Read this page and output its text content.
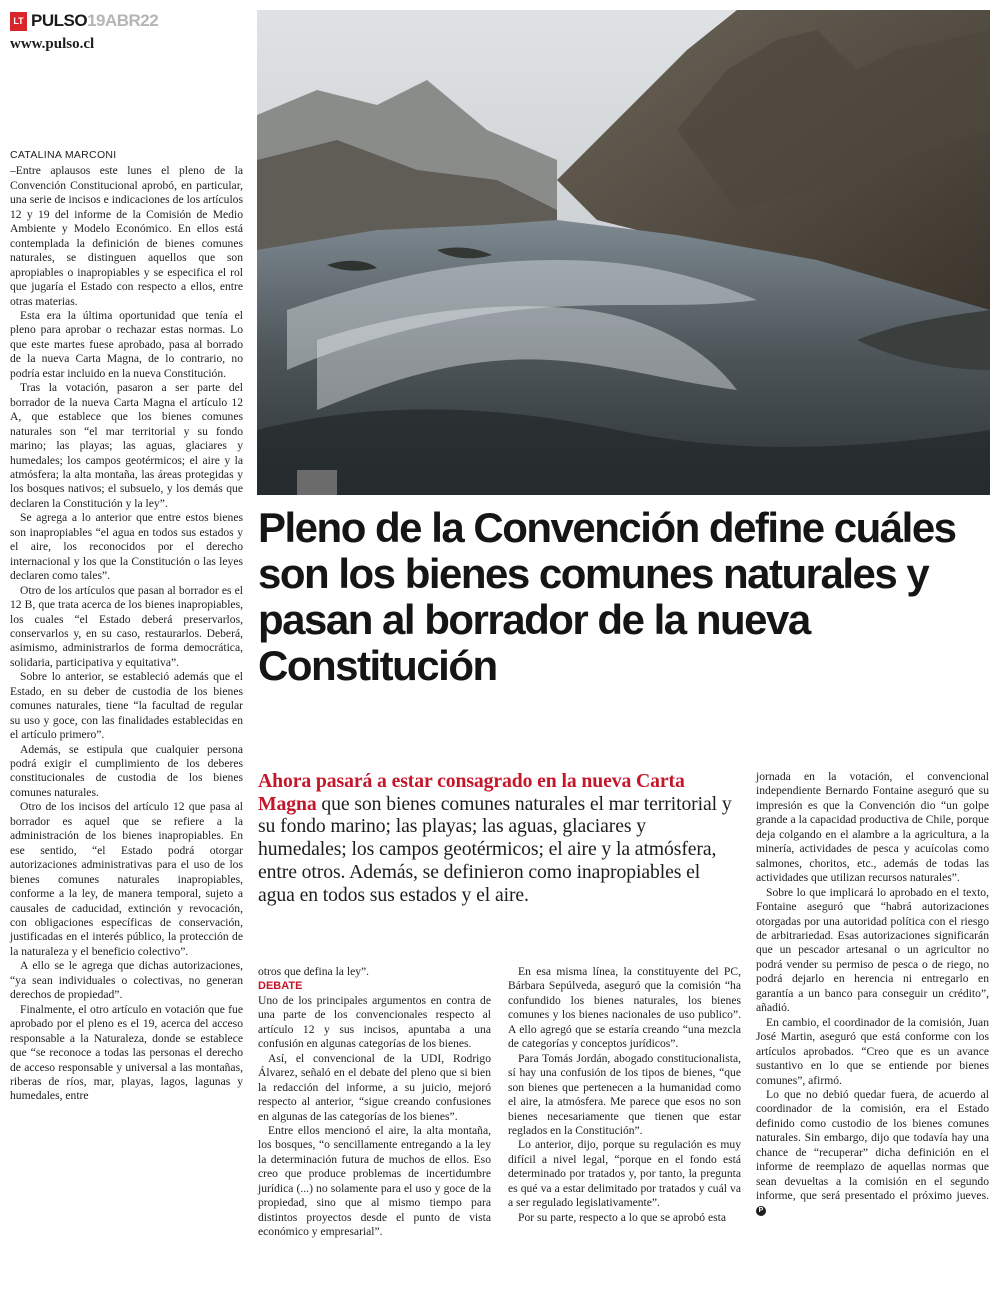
LT PULSO 19ABR22
www.pulso.cl
CATALINA MARCONI

–Entre aplausos este lunes el pleno de la Convención Constitucional aprobó, en particular, una serie de incisos e indicaciones de los artículos 12 y 19 del informe de la Comisión de Medio Ambiente y Modelo Económico. En ellos está contemplada la definición de bienes comunes naturales, se distinguen aquellos que son apropiables o inapropiables y se especifica el rol que jugaría el Estado con respecto a ellos, entre otras materias.

Esta era la última oportunidad que tenía el pleno para aprobar o rechazar estas normas. Lo que este martes fuese aprobado, pasa al borrado de la nueva Carta Magna, de lo contrario, no podría estar incluido en la nueva Constitución.

Tras la votación, pasaron a ser parte del borrador de la nueva Carta Magna el artículo 12 A, que establece que los bienes comunes naturales son “el mar territorial y su fondo marino; las playas; las aguas, glaciares y humedales; los campos geotérmicos; el aire y la atmósfera; la alta montaña, las áreas protegidas y los bosques nativos; el subsuelo, y los demás que declaren la Constitución y la ley”.

Se agrega a lo anterior que entre estos bienes son inapropiables “el agua en todos sus estados y el aire, los reconocidos por el derecho internacional y los que la Constitución o las leyes declaren como tales”.

Otro de los artículos que pasan al borrador es el 12 B, que trata acerca de los bienes inapropiables, los cuales “el Estado deberá preservarlos, conservarlos y, en su caso, restaurarlos. Deberá, asimismo, administrarlos de forma democrática, solidaria, participativa y equitativa”.

Sobre lo anterior, se estableció además que el Estado, en su deber de custodia de los bienes comunes naturales, tiene “la facultad de regular su uso y goce, con las finalidades establecidas en el artículo primero”.

Además, se estipula que cualquier persona podrá exigir el cumplimiento de los deberes constitucionales de custodia de los bienes comunes naturales.

Otro de los incisos del artículo 12 que pasa al borrador es aquel que se refiere a la administración de los bienes inapropiables. En ese sentido, “el Estado podrá otorgar autorizaciones administrativas para el uso de los bienes comunes naturales inapropiables, conforme a la ley, de manera temporal, sujeto a causales de caducidad, extinción y revocación, con obligaciones específicas de conservación, justificadas en el interés público, la protección de la naturaleza y el beneficio colectivo”.

A ello se le agrega que dichas autorizaciones, “ya sean individuales o colectivas, no generan derechos de propiedad”.

Finalmente, el otro artículo en votación que fue aprobado por el pleno es el 19, acerca del acceso responsable a la Naturaleza, donde se establece que “se reconoce a todas las personas el derecho de acceso responsable y universal a las montañas, riberas de ríos, mar, playas, lagos, lagunas y humedales, entre

Pleno de la Convención define cuáles son los bienes comunes naturales y pasan al borrador de la nueva Constitución
Ahora pasará a estar consagrado en la nueva Carta Magna que son bienes comunes naturales el mar territorial y su fondo marino; las playas; las aguas, glaciares y humedales; los campos geotérmicos; el aire y la atmósfera, entre otros. Además, se definieron como inapropiables el agua en todos sus estados y el aire.

otros que defina la ley”.

DEBATE

Uno de los principales argumentos en contra de una parte de los convencionales respecto al artículo 12 y sus incisos, apuntaba a una confusión en algunas categorías de los bienes.

Así, el convencional de la UDI, Rodrigo Álvarez, señaló en el debate del pleno que si bien la redacción del informe, a su juicio, mejoró respecto al anterior, “sigue creando confusiones en algunas de las categorías de los bienes”.

Entre ellos mencionó el aire, la alta montaña, los bosques, “o sencillamente entregando a la ley la determinación futura de muchos de ellos. Eso creo que produce problemas de incertidumbre jurídica (...) no solamente para el uso y goce de la propiedad, sino que al mismo tiempo para distintos proyectos desde el punto de vista económico y empresarial”.

En esa misma línea, la constituyente del PC, Bárbara Sepúlveda, aseguró que la comisión “ha confundido los bienes naturales, los bienes comunes y los bienes nacionales de uso publico”. A ello agregó que se estaría creando “una mezcla de categorías y conceptos jurídicos”.

Para Tomás Jordán, abogado constitucionalista, sí hay una confusión de los tipos de bienes, “que son bienes que pertenecen a la humanidad como el aire, la atmósfera. Me parece que esos no son bienes necesariamente que tienen que estar reglados en la Constitución”.

Lo anterior, dijo, porque su regulación es muy difícil a nivel legal, “porque en el fondo está determinado por tratados y, por tanto, la pregunta es qué va a estar delimitado por tratados y cuál va a ser regulado legislativamente”.

Por su parte, respecto a lo que se aprobó esta

jornada en la votación, el convencional independiente Bernardo Fontaine aseguró que su impresión es que la Convención dio “un golpe grande a la capacidad productiva de Chile, porque deja colgando en el alambre a la agricultura, a la minería, actividades de pesca y acuícolas como salmones, choritos, etc., además de todas las actividades que utilizan recursos naturales”.

Sobre lo que implicará lo aprobado en el texto, Fontaine aseguró que “habrá autorizaciones otorgadas por una autoridad política con el riesgo de arbitrariedad. Esas autorizaciones significarán que un pescador artesanal o un agricultor no podrá vender su permiso de pesca o de riego, no podrá dejarlo en herencia ni entregarlo en garantía a un banco para conseguir un crédito”, añadió.

En cambio, el coordinador de la comisión, Juan José Martin, aseguró que está conforme con los artículos aprobados. “Creo que es un avance sustantivo en lo que se entiende por bienes comunes”, afirmó.

Lo que no debió quedar fuera, de acuerdo al coordinador de la comisión, era el Estado definido como custodio de los bienes comunes naturales. Sin embargo, dijo que todavía hay una chance de “recuperar” dicha definición en el informe de reemplazo de aquellas normas que sean devueltas a la comisión en el segundo informe, que será presentado el próximo jueves. P
